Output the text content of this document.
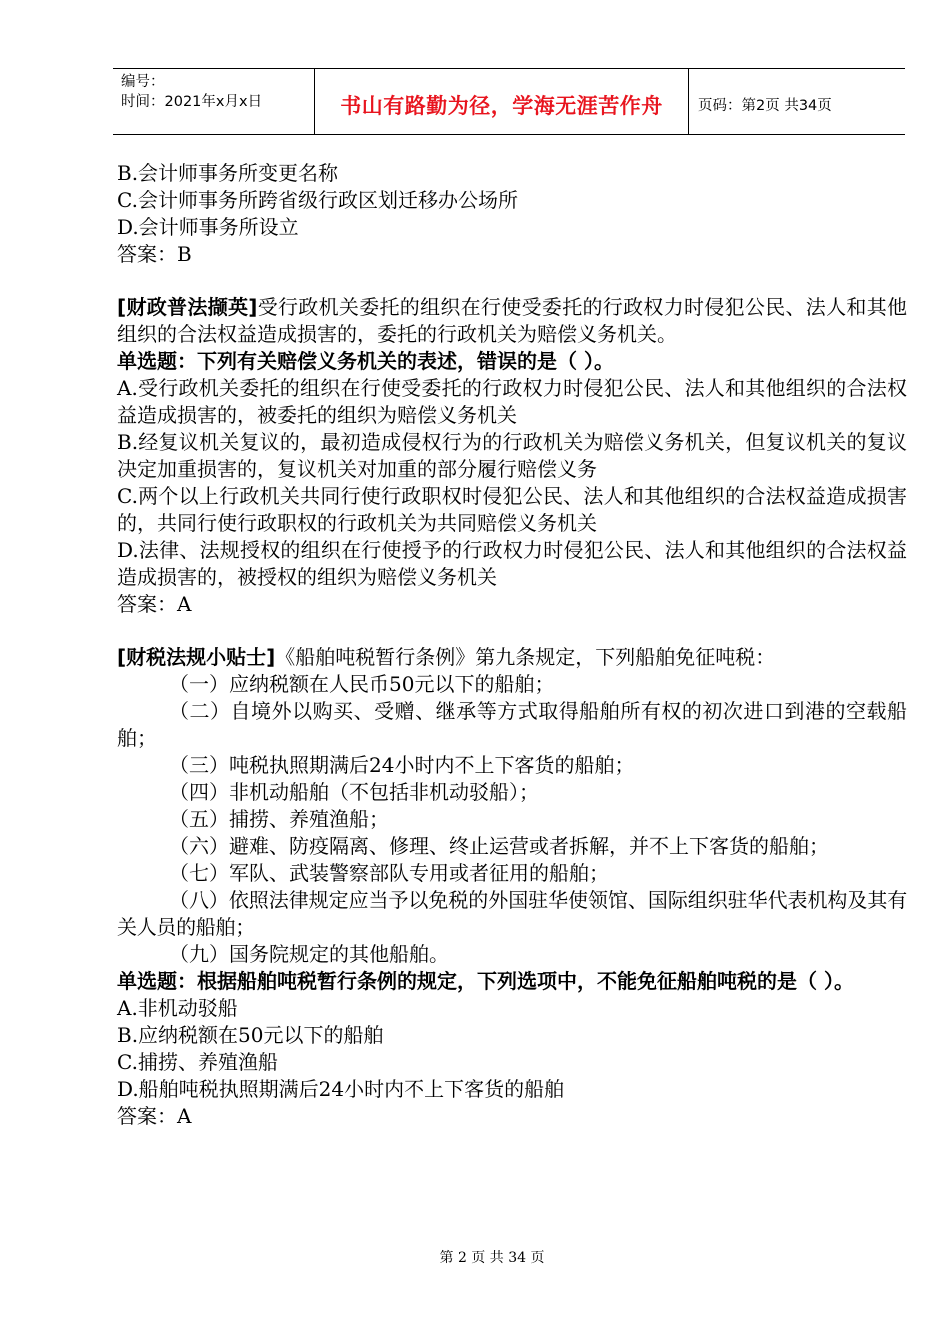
编号：
时间：2021年x月x日	书山有路勤为径，学海无涯苦作舟	页码：第2页 共34页

B.会计师事务所变更名称

C.会计师事务所跨省级行政区划迁移办公场所

D.会计师事务所设立

答案：B

[财政普法撷英]受行政机关委托的组织在行使受委托的行政权力时侵犯公民、法人和其他组织的合法权益造成损害的，委托的行政机关为赔偿义务机关。

单选题：下列有关赔偿义务机关的表述，错误的是（ ）。

A.受行政机关委托的组织在行使受委托的行政权力时侵犯公民、法人和其他组织的合法权益造成损害的，被委托的组织为赔偿义务机关

B.经复议机关复议的，最初造成侵权行为的行政机关为赔偿义务机关，但复议机关的复议决定加重损害的，复议机关对加重的部分履行赔偿义务

C.两个以上行政机关共同行使行政职权时侵犯公民、法人和其他组织的合法权益造成损害的，共同行使行政职权的行政机关为共同赔偿义务机关

D.法律、法规授权的组织在行使授予的行政权力时侵犯公民、法人和其他组织的合法权益造成损害的，被授权的组织为赔偿义务机关

答案：A

[财税法规小贴士]《船舶吨税暂行条例》第九条规定，下列船舶免征吨税：

（一）应纳税额在人民币50元以下的船舶；

（二）自境外以购买、受赠、继承等方式取得船舶所有权的初次进口到港的空载船舶；

（三）吨税执照期满后24小时内不上下客货的船舶；

（四）非机动船舶（不包括非机动驳船）；

（五）捕捞、养殖渔船；

（六）避难、防疫隔离、修理、终止运营或者拆解，并不上下客货的船舶；

（七）军队、武装警察部队专用或者征用的船舶；

（八）依照法律规定应当予以免税的外国驻华使领馆、国际组织驻华代表机构及其有关人员的船舶；

（九）国务院规定的其他船舶。

单选题：根据船舶吨税暂行条例的规定，下列选项中，不能免征船舶吨税的是（ ）。

A.非机动驳船

B.应纳税额在50元以下的船舶

C.捕捞、养殖渔船

D.船舶吨税执照期满后24小时内不上下客货的船舶

答案：A

第 2 页 共 34 页
